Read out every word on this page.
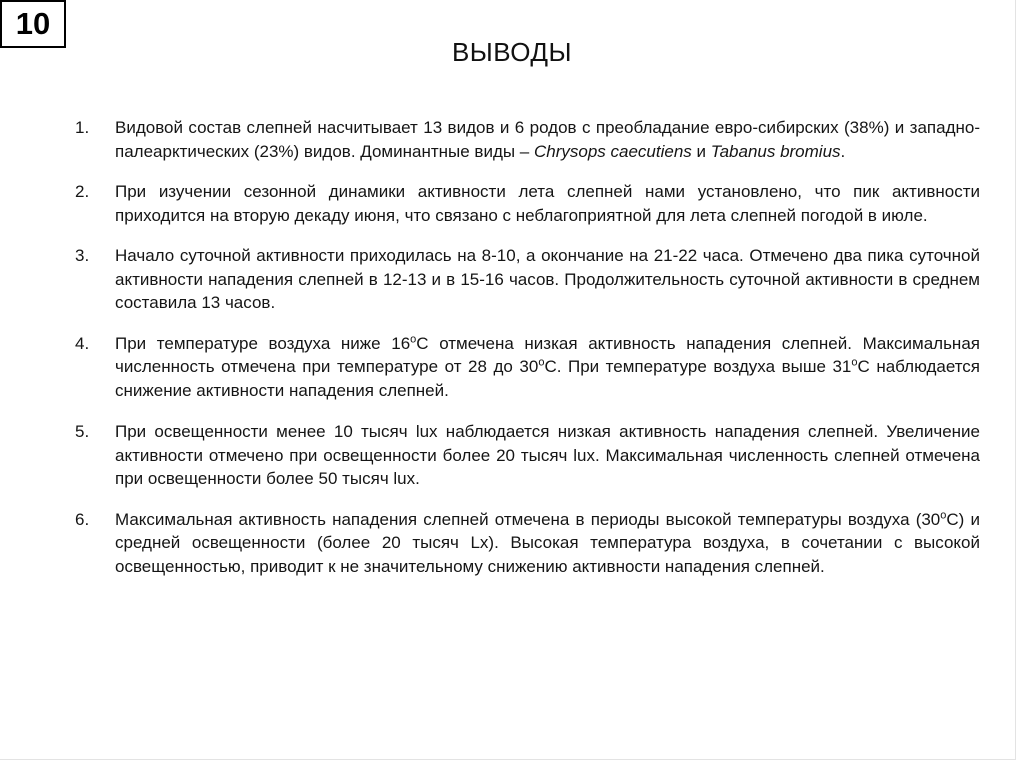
10
ВЫВОДЫ
1.	Видовой состав слепней насчитывает 13 видов и 6 родов с преобладание евро-сибирских (38%) и западно-палеарктических (23%) видов. Доминантные виды – Chrysops caecutiens и Tabanus bromius.
2.	При изучении сезонной динамики активности лета слепней нами установлено, что пик активности приходится на вторую декаду июня, что связано с неблагоприятной для лета слепней погодой в июле.
3.	Начало суточной активности приходилась на 8-10, а окончание на 21-22 часа. Отмечено два пика суточной активности нападения слепней в 12-13 и в 15-16 часов. Продолжительность суточной активности в среднем составила 13 часов.
4.	При температуре воздуха ниже $16^оС$ отмечена низкая активность нападения слепней. Максимальная численность отмечена при температуре от 28 до $30^оС$. При температуре воздуха выше $31^оС$ наблюдается снижение активности нападения слепней.
5.	При освещенности менее 10 тысяч lux наблюдается низкая активность нападения слепней. Увеличение активности отмечено при освещенности более 20 тысяч lux. Максимальная численность слепней отмечена при освещенности более 50 тысяч lux.
6.	Максимальная активность нападения слепней отмечена в периоды высокой температуры воздуха $(30^оС)$ и средней освещенности (более 20 тысяч Lx). Высокая температура воздуха, в сочетании с высокой освещенностью, приводит к не значительному снижению активности нападения слепней.
